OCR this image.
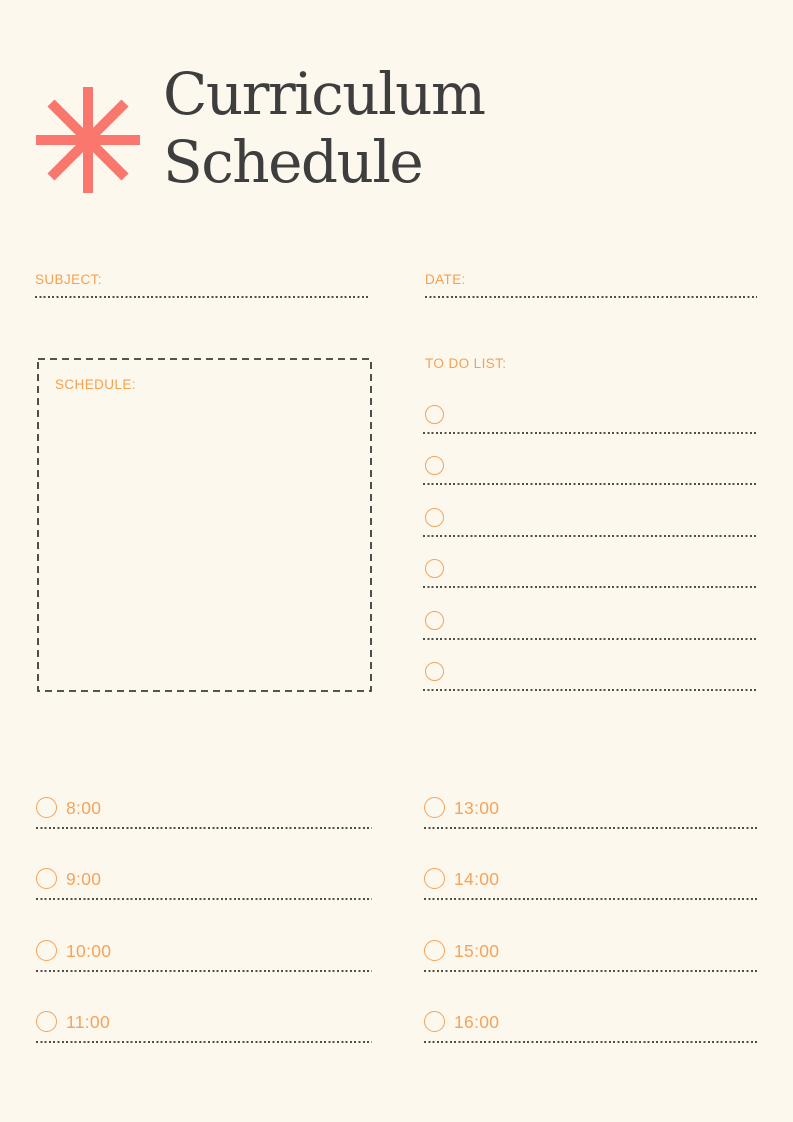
Curriculum
Schedule
SUBJECT:	DATE:
SCHEDULE:
TO DO LIST:
8:00
9:00
10:00
11:00
13:00
14:00
15:00
16:00
